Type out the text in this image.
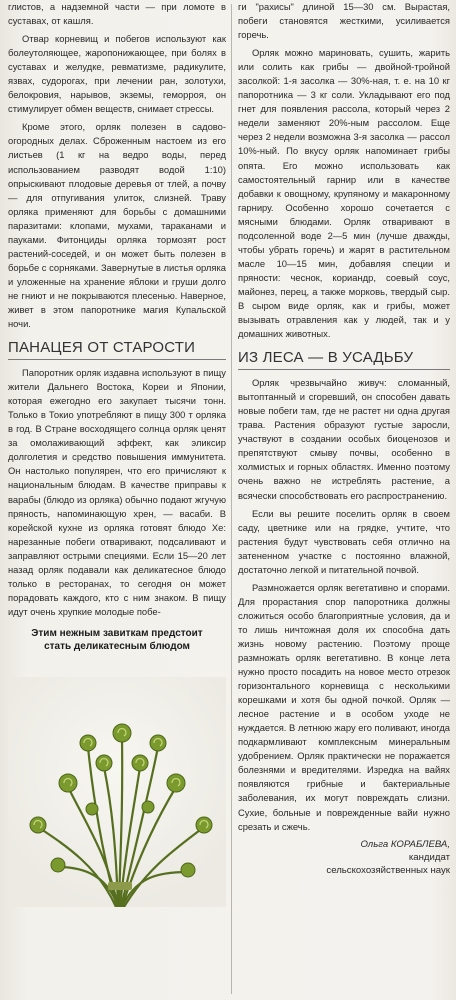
глистов, а надземной части — при ломоте в суставах, от кашля.

Отвар корневищ и побегов используют как болеутоляющее, жаропонижающее, при болях в суставах и желудке, ревматизме, радикулите, язвах, судорогах, при лечении ран, золотухи, белокровия, нарывов, экземы, геморроя, он стимулирует обмен веществ, снимает стрессы.

Кроме этого, орляк полезен в садово-огородных делах. Сброженным настоем из его листьев (1 кг на ведро воды, перед использованием разводят водой 1:10) опрыскивают плодовые деревья от тлей, а почву — для отпугивания улиток, слизней. Траву орляка применяют для борьбы с домашними паразитами: клопами, мухами, тараканами и пауками. Фитонциды орляка тормозят рост растений-соседей, и он может быть полезен в борьбе с сорняками. Завернутые в листья орляка и уложенные на хранение яблоки и груши долго не гниют и не покрываются плесенью. Наверное, живет в этом папоротнике магия Купальской ночи.

ПАНАЦЕЯ ОТ СТАРОСТИ

Папоротник орляк издавна используют в пищу жители Дальнего Востока, Кореи и Японии, которая ежегодно его закупает тысячи тонн. Только в Токио употребляют в пищу 300 т орляка в год. В Стране восходящего солнца орляк ценят за омолаживающий эффект, как эликсир долголетия и средство повышения иммунитета. Он настолько популярен, что его причисляют к национальным блюдам. В качестве приправы к варабы (блюдо из орляка) обычно подают жгучую пряность, напоминающую хрен, — васаби. В корейской кухне из орляка готовят блюдо Хе: нарезанные побеги отваривают, подсаливают и заправляют острыми специями. Если 15—20 лет назад орляк подавали как деликатесное блюдо только в ресторанах, то сегодня он может порадовать каждого, кто с ним знаком. В пищу идут очень хрупкие молодые побе-

Этим нежным завиткам предстоит стать деликатесным блюдом

ги "рахисы" длиной 15—30 см. Вырастая, побеги становятся жесткими, усиливается горечь.

Орляк можно мариновать, сушить, жарить или солить как грибы — двойной-тройной засолкой: 1-я засолка — 30%-ная, т. е. на 10 кг папоротника — 3 кг соли. Укладывают его под гнет для появления рассола, который через 2 недели заменяют 20%-ным рассолом. Еще через 2 недели возможна 3-я засолка — рассол 10%-ный. По вкусу орляк напоминает грибы опята. Его можно использовать как самостоятельный гарнир или в качестве добавки к овощному, крупяному и макаронному гарниру. Особенно хорошо сочетается с мясными блюдами. Орляк отваривают в подсоленной воде 2—5 мин (лучше дважды, чтобы убрать горечь) и жарят в растительном масле 10—15 мин, добавляя специи и пряности: чеснок, кориандр, соевый соус, майонез, перец, а также морковь, твердый сыр. В сыром виде орляк, как и грибы, может вызывать отравления как у людей, так и у домашних животных.

ИЗ ЛЕСА — В УСАДЬБУ

Орляк чрезвычайно живуч: сломанный, вытоптанный и сгоревший, он способен давать новые побеги там, где не растет ни одна другая трава. Растения образуют густые заросли, участвуют в создании особых биоценозов и препятствуют смыву почвы, особенно в холмистых и горных областях. Именно поэтому очень важно не истреблять растение, а всячески способствовать его распространению.

Если вы решите поселить орляк в своем саду, цветнике или на грядке, учтите, что растения будут чувствовать себя отлично на затененном участке с постоянно влажной, достаточно легкой и питательной почвой.

Размножается орляк вегетативно и спорами. Для прорастания спор папоротника должны сложиться особо благоприятные условия, да и то лишь ничтожная доля их способна дать жизнь новому растению. Поэтому проще размножать орляк вегетативно. В конце лета нужно просто посадить на новое место отрезок горизонтального корневища с несколькими корешками и хотя бы одной почкой. Орляк — лесное растение и в особом уходе не нуждается. В летнюю жару его поливают, иногда подкармливают комплексным минеральным удобрением. Орляк практически не поражается болезнями и вредителями. Изредка на вайях появляются грибные и бактериальные заболевания, их могут повреждать слизни. Сухие, больные и поврежденные вайи нужно срезать и сжечь.

Ольга КОРАБЛЕВА,
кандидат
сельскохозяйственных наук
